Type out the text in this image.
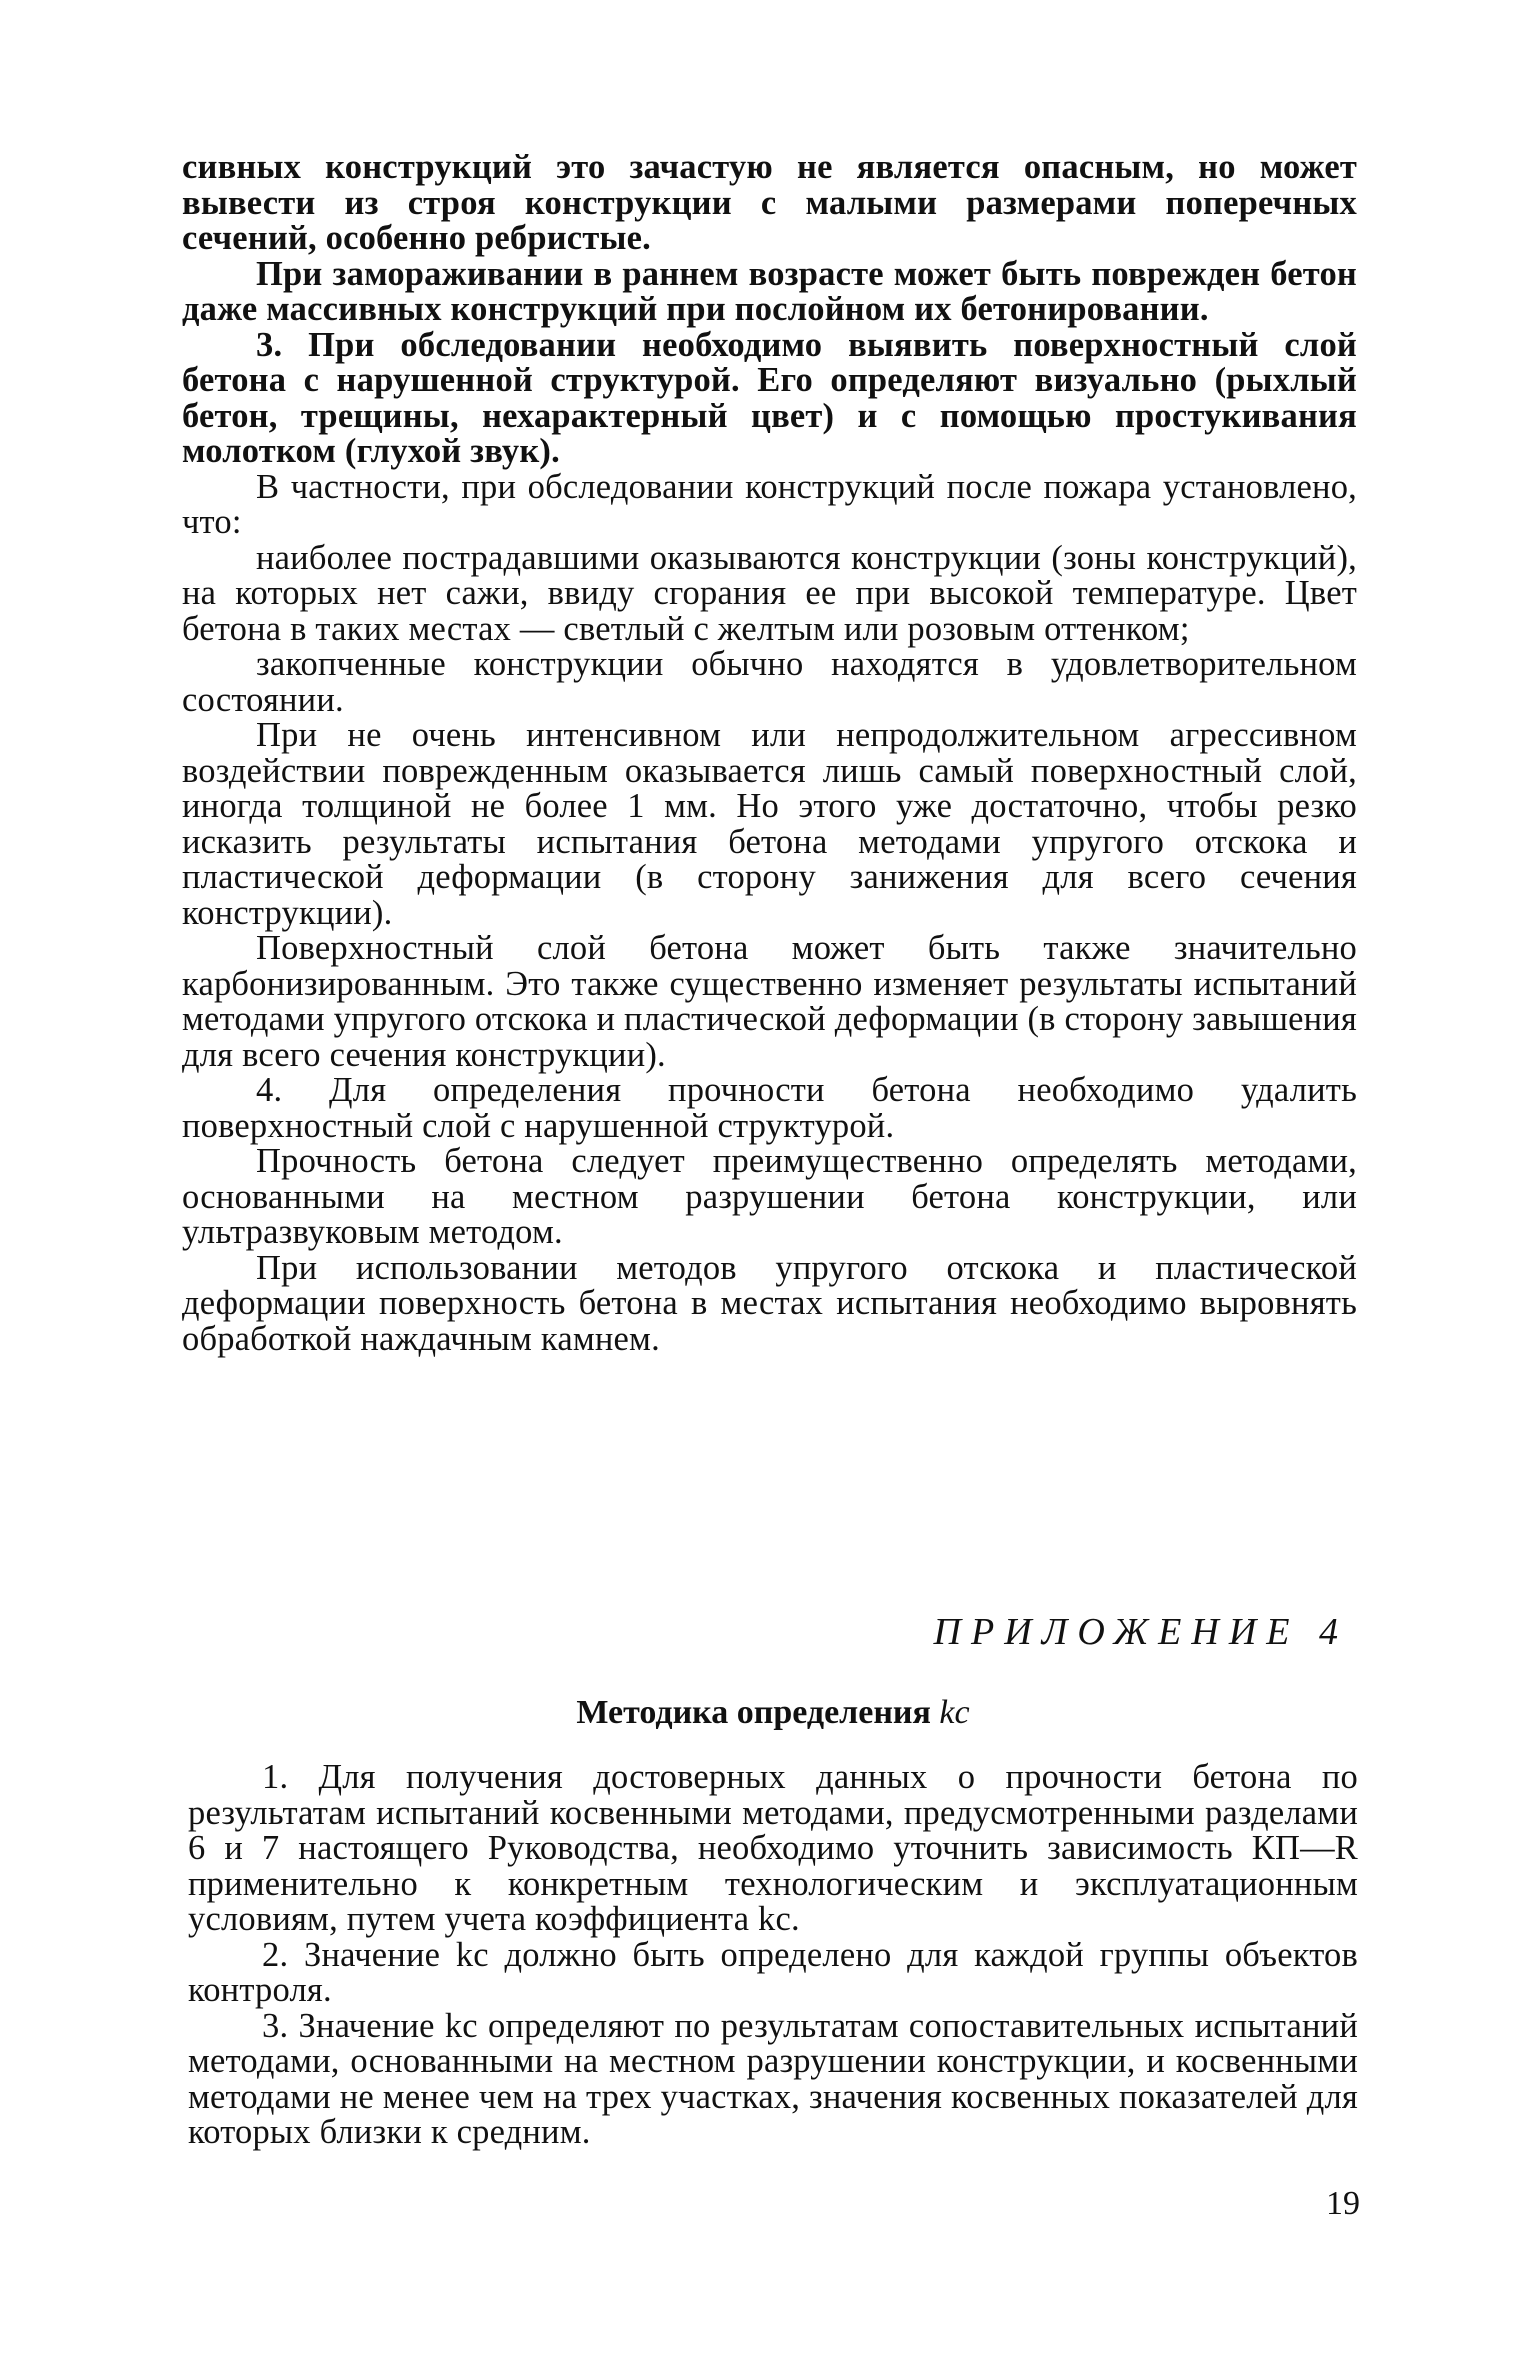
сивных конструкций это зачастую не является опасным, но может вывести из строя конструкции с малыми размерами поперечных сечений, особенно ребристые.

При замораживании в раннем возрасте может быть поврежден бетон даже массивных конструкций при послойном их бетонировании.

3. При обследовании необходимо выявить поверхностный слой бетона с нарушенной структурой. Его определяют визуально (рыхлый бетон, трещины, нехарактерный цвет) и с помощью простукивания молотком (глухой звук).

В частности, при обследовании конструкций после пожара установлено, что:

наиболее пострадавшими оказываются конструкции (зоны конструкций), на которых нет сажи, ввиду сгорания ее при высокой температуре. Цвет бетона в таких местах — светлый с желтым или розовым оттенком;

закопченные конструкции обычно находятся в удовлетворительном состоянии.

При не очень интенсивном или непродолжительном агрессивном воздействии поврежденным оказывается лишь самый поверхностный слой, иногда толщиной не более 1 мм. Но этого уже достаточно, чтобы резко исказить результаты испытания бетона методами упругого отскока и пластической деформации (в сторону занижения для всего сечения конструкции).

Поверхностный слой бетона может быть также значительно карбонизированным. Это также существенно изменяет результаты испытаний методами упругого отскока и пластической деформации (в сторону завышения для всего сечения конструкции).

4. Для определения прочности бетона необходимо удалить поверхностный слой с нарушенной структурой.

Прочность бетона следует преимущественно определять методами, основанными на местном разрушении бетона конструкции, или ультразвуковым методом.

При использовании методов упругого отскока и пластической деформации поверхность бетона в местах испытания необходимо выровнять обработкой наждачным камнем.

ПРИЛОЖЕНИЕ 4
Методика определения kс

1. Для получения достоверных данных о прочности бетона по результатам испытаний косвенными методами, предусмотренными разделами 6 и 7 настоящего Руководства, необходимо уточнить зависимость КП—R применительно к конкретным технологическим и эксплуатационным условиям, путем учета коэффициента kс.

2. Значение kс должно быть определено для каждой группы объектов контроля.

3. Значение kс определяют по результатам сопоставительных испытаний методами, основанными на местном разрушении конструкции, и косвенными методами не менее чем на трех участках, значения косвенных показателей для которых близки к средним.

19
